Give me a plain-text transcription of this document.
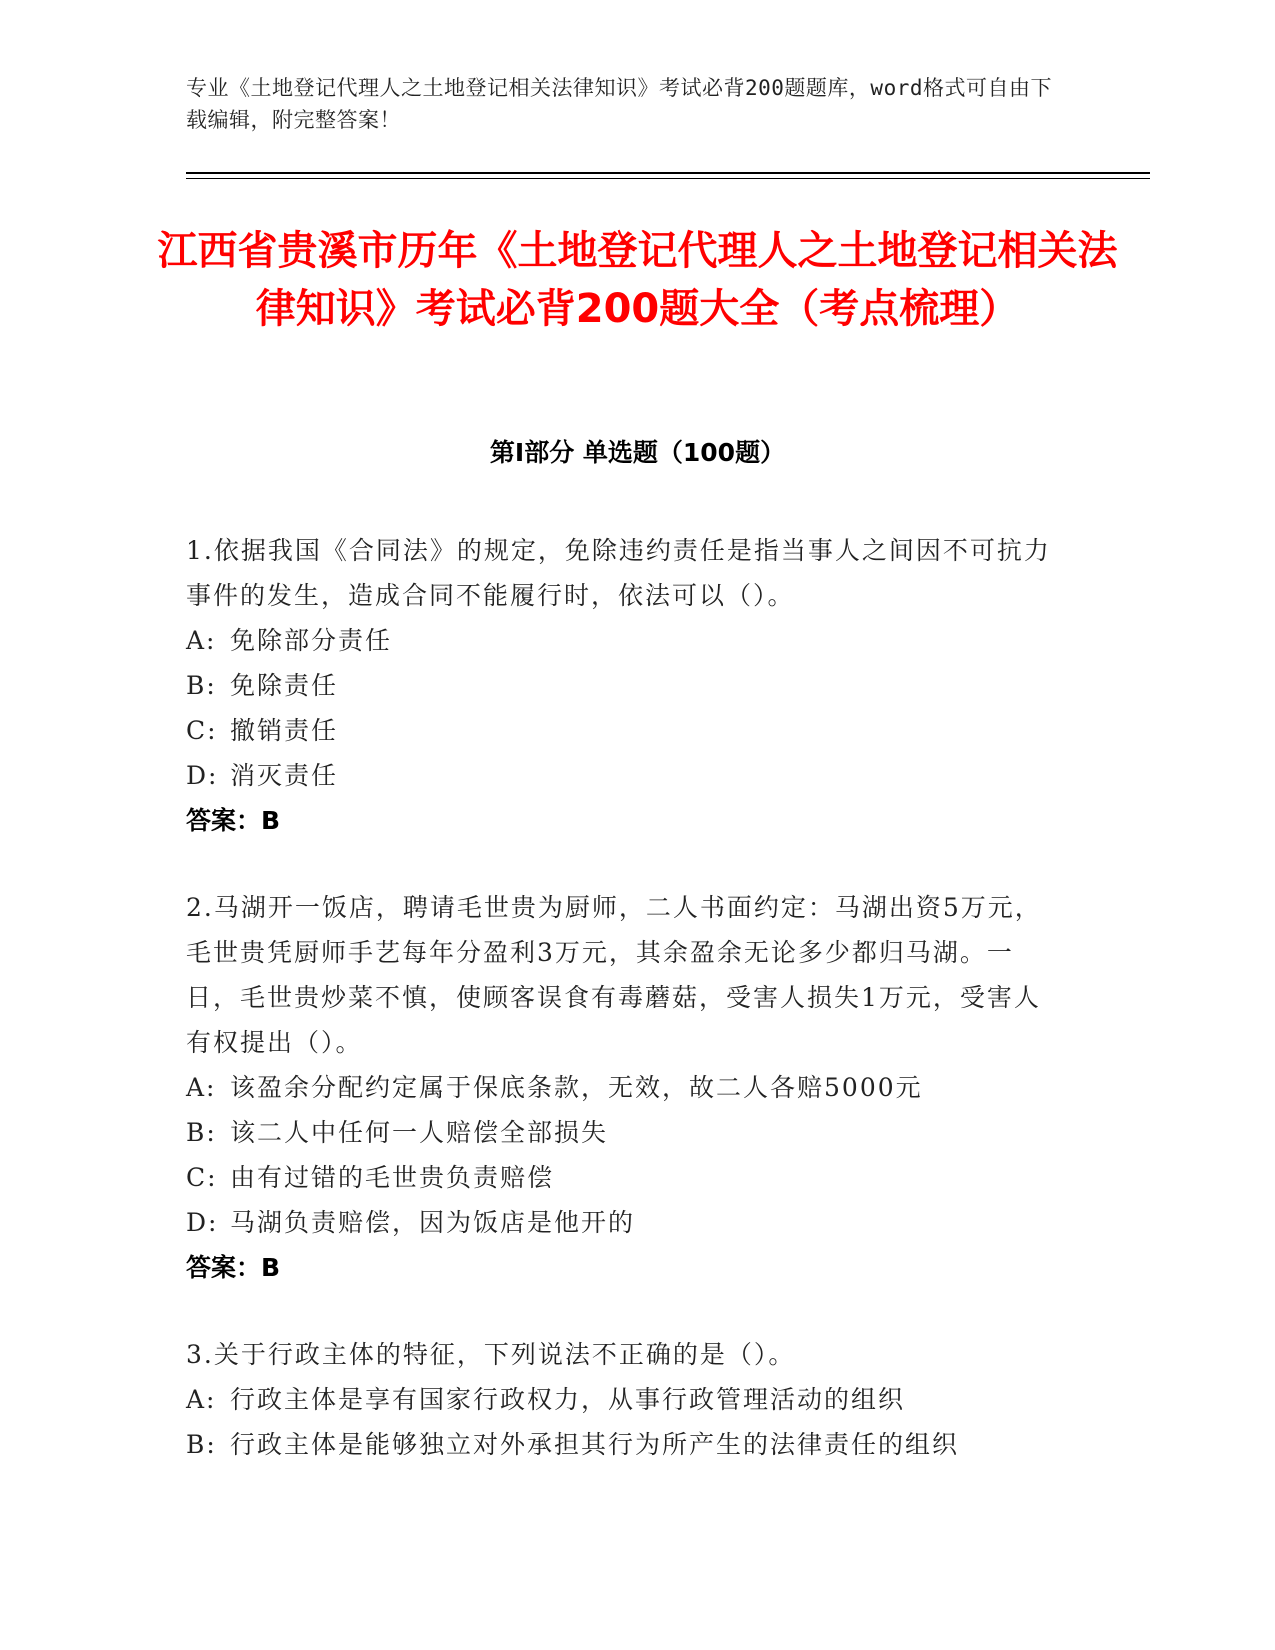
专业《土地登记代理人之土地登记相关法律知识》考试必背200题题库，word格式可自由下载编辑，附完整答案！
江西省贵溪市历年《土地登记代理人之土地登记相关法律知识》考试必背200题大全（考点梳理）
第Ⅰ部分 单选题（100题）
1.依据我国《合同法》的规定，免除违约责任是指当事人之间因不可抗力事件的发生，造成合同不能履行时，依法可以（）。
A: 免除部分责任
B: 免除责任
C: 撤销责任
D: 消灭责任
答案：B
2.马湖开一饭店，聘请毛世贵为厨师，二人书面约定：马湖出资5万元，毛世贵凭厨师手艺每年分盈利3万元，其余盈余无论多少都归马湖。一日，毛世贵炒菜不慎，使顾客误食有毒蘑菇，受害人损失1万元，受害人有权提出（）。
A: 该盈余分配约定属于保底条款，无效，故二人各赔5000元
B: 该二人中任何一人赔偿全部损失
C: 由有过错的毛世贵负责赔偿
D: 马湖负责赔偿，因为饭店是他开的
答案：B
3.关于行政主体的特征，下列说法不正确的是（）。
A: 行政主体是享有国家行政权力，从事行政管理活动的组织
B: 行政主体是能够独立对外承担其行为所产生的法律责任的组织
